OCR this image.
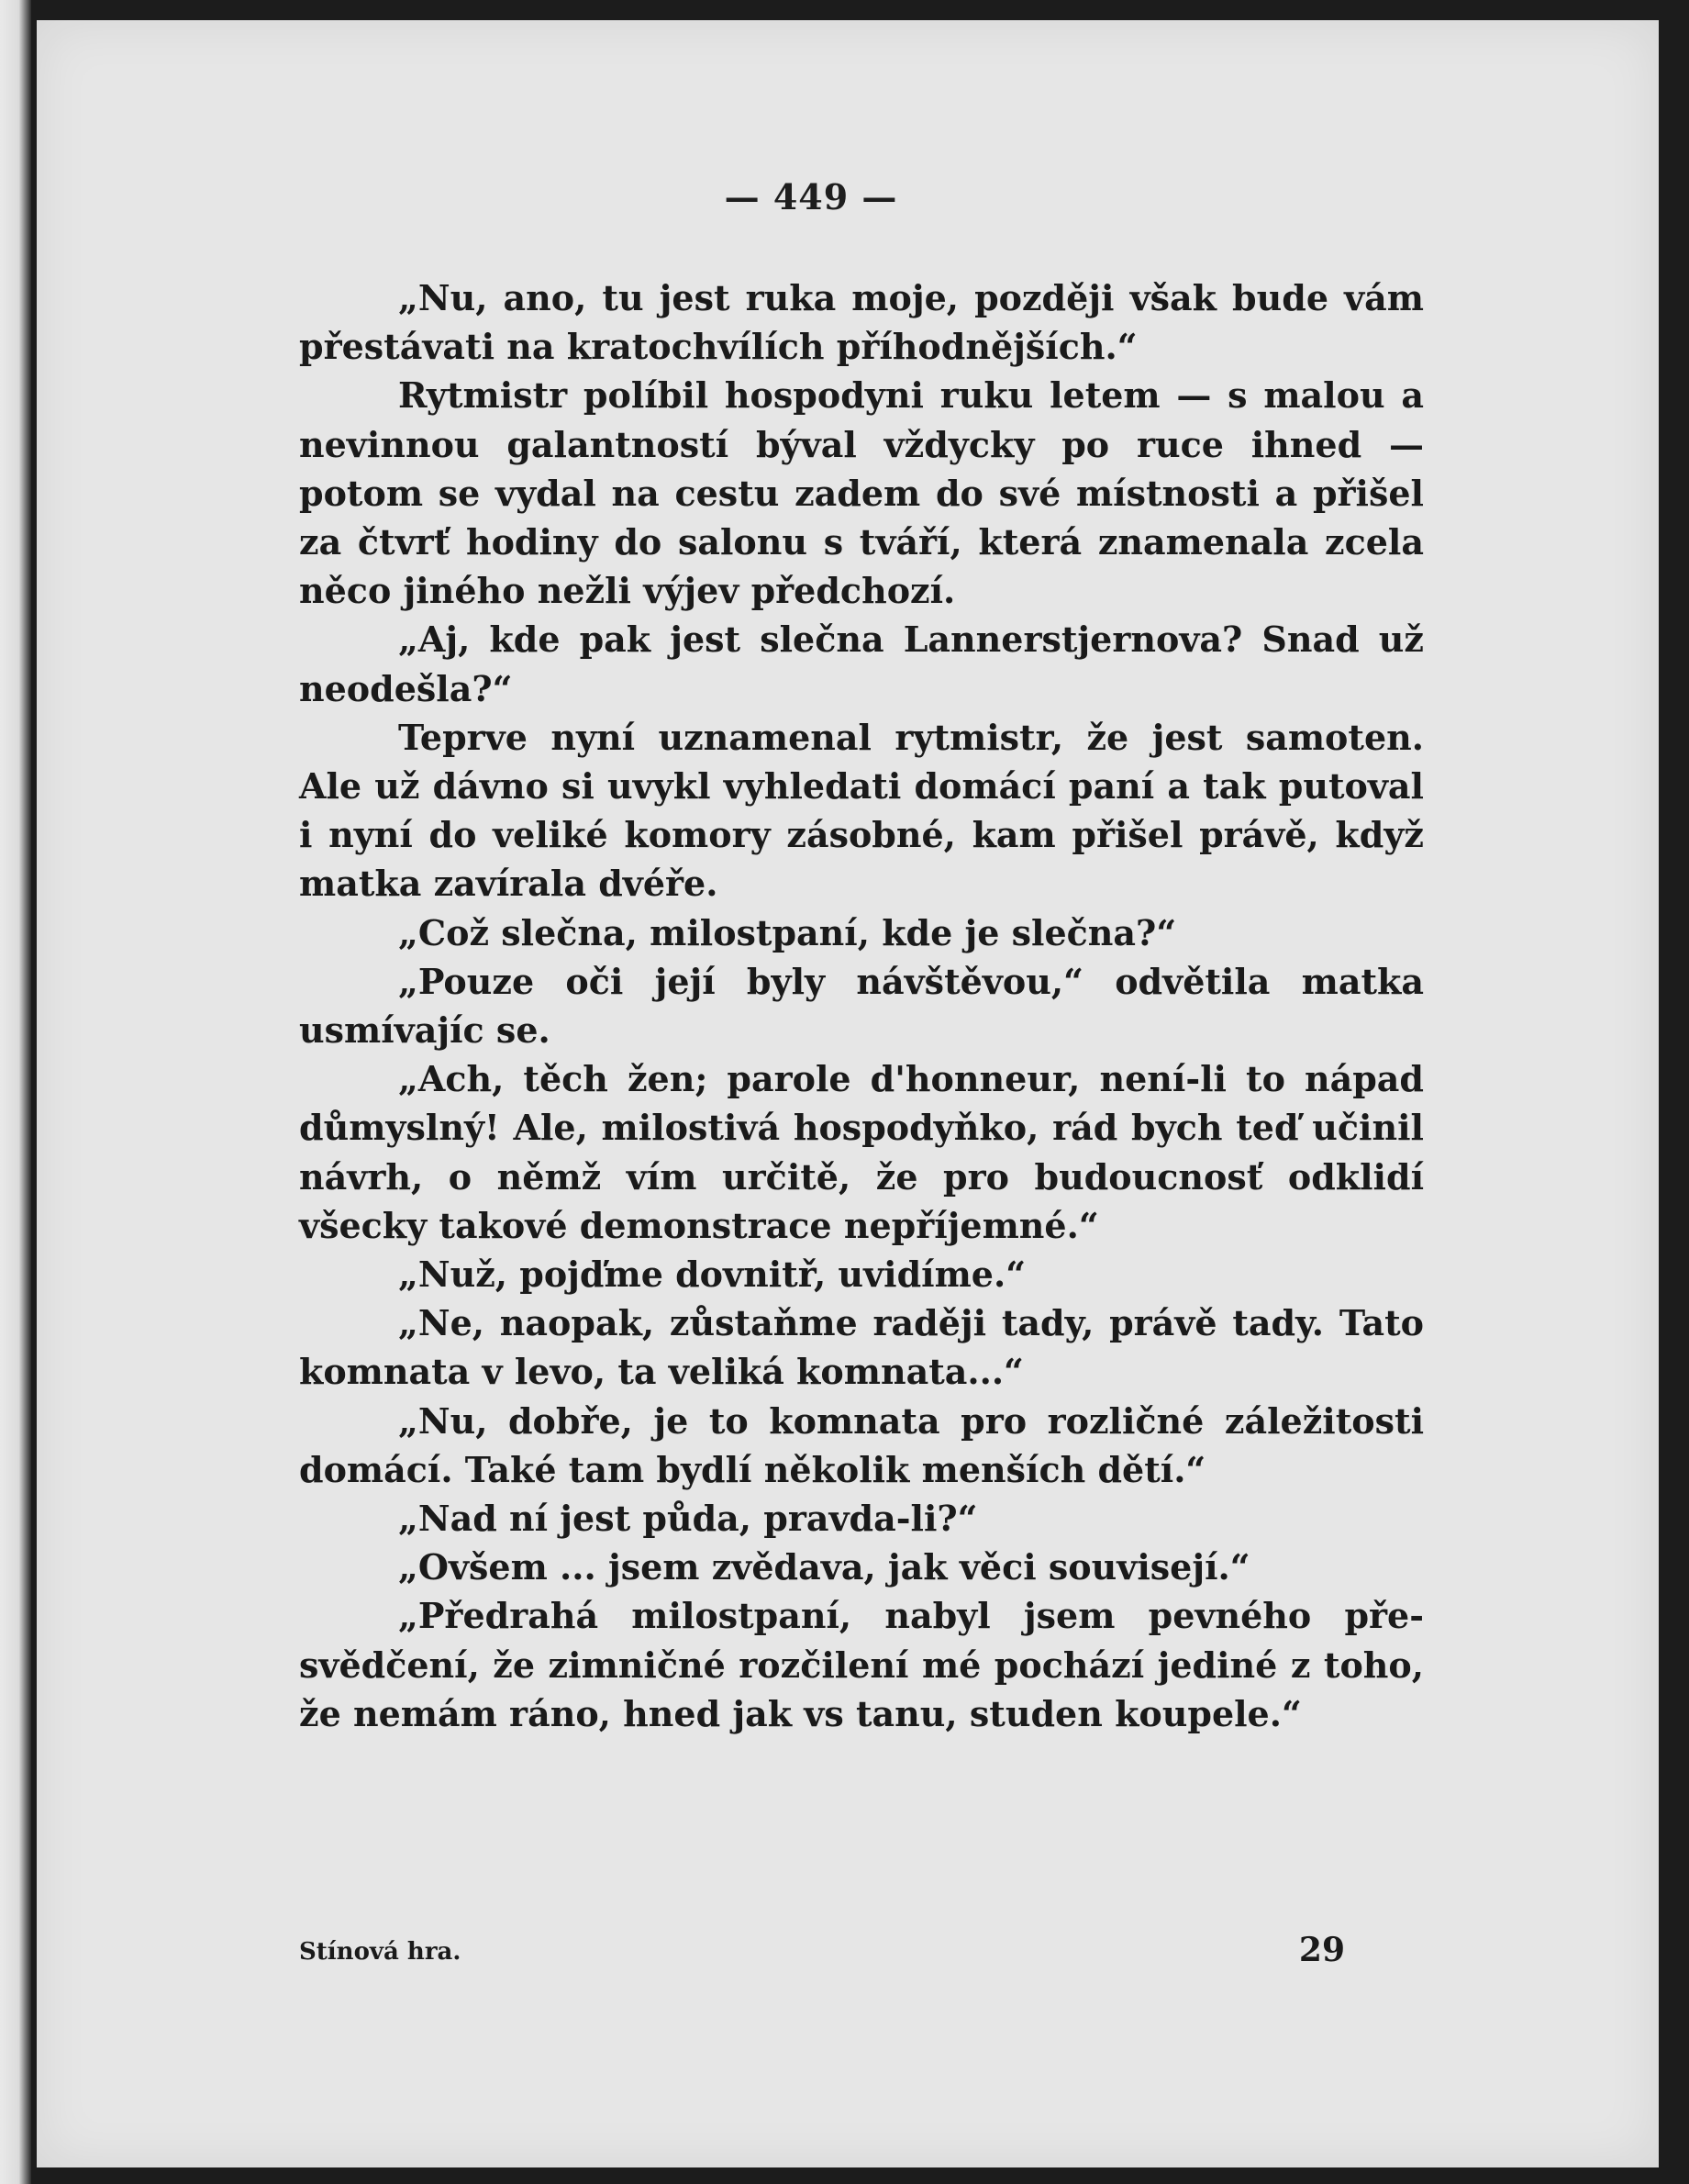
— 449 —

„Nu, ano, tu jest ruka moje, později však bude vám přestávati na kratochvílích příhodnějších.“

Rytmistr políbil hospodyni ruku letem — s malou a nevinnou galantností býval vždycky po ruce ihned — potom se vydal na cestu zadem do své místnosti a přišel za čtvrť hodiny do salonu s tváří, která znamenala zcela něco jiného nežli výjev předchozí.

„Aj, kde pak jest slečna Lannerstjernova? Snad už neodešla?“

Teprve nyní uznamenal rytmistr, že jest samoten. Ale už dávno si uvykl vyhledati domácí paní a tak putoval i nyní do veliké komory zásobné, kam přišel právě, když matka zavírala dvéře.

„Což slečna, milostpaní, kde je slečna?“

„Pouze oči její byly návštěvou,“ odvětila matka usmívajíc se.

„Ach, těch žen; parole d'honneur, není-li to nápad důmyslný! Ale, milostivá hospodyňko, rád bych teď učinil návrh, o němž vím určitě, že pro budoucnosť odklidí všecky takové demonstrace nepříjemné.“

„Nuž, pojďme dovnitř, uvidíme.“

„Ne, naopak, zůstaňme raději tady, právě tady. Tato komnata v levo, ta veliká komnata...“

„Nu, dobře, je to komnata pro rozličné záležitosti domácí. Také tam bydlí několik menších dětí.“

„Nad ní jest půda, pravda-li?“

„Ovšem ... jsem zvědava, jak věci souvisejí.“

„Předrahá milostpaní, nabyl jsem pevného přesvědčení, že zimničné rozčilení mé pochází jediné z toho, že nemám ráno, hned jak vs tanu, studen koupele.“

Stínová hra.	29
